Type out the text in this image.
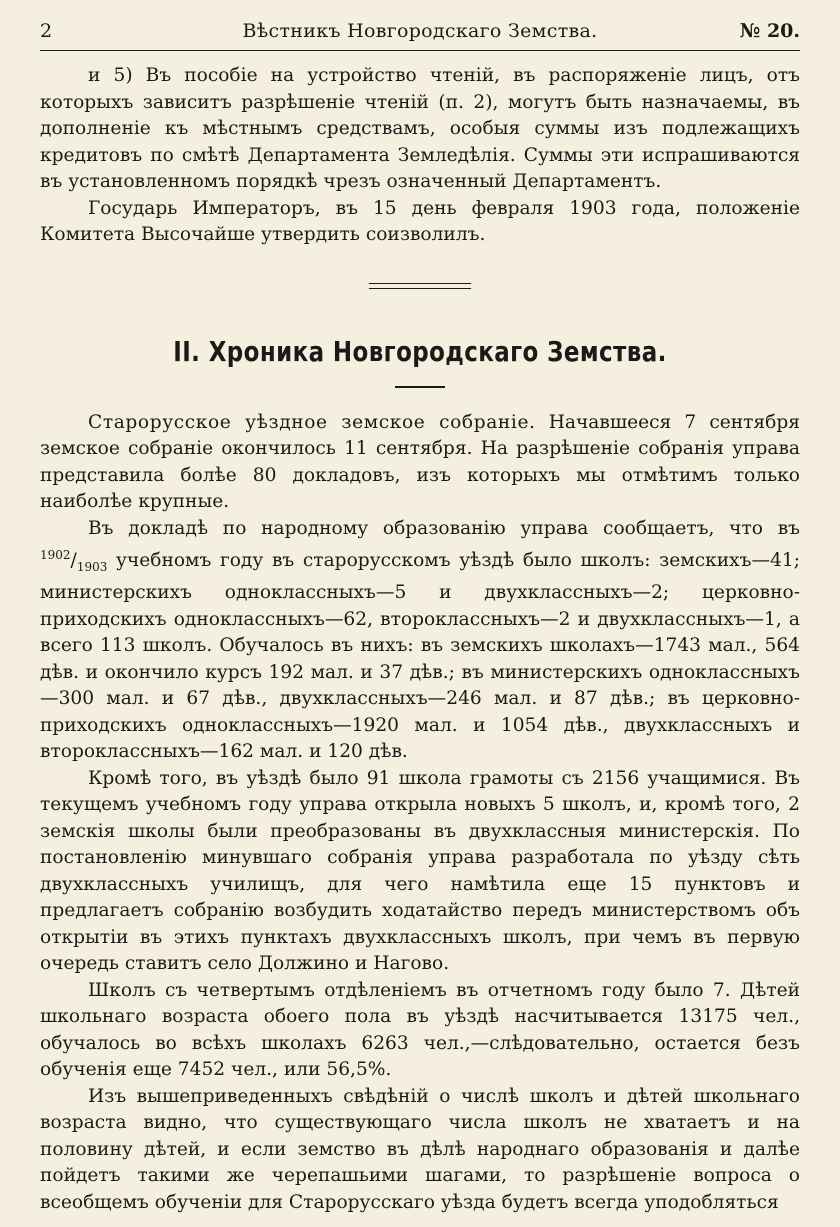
2	Вѣстникъ Новгородскаго Земства.	№ 20.

и 5) Въ пособіе на устройство чтеній, въ распоряженіе лицъ, отъ которыхъ зависитъ разрѣшеніе чтеній (п. 2), могутъ быть назначаемы, въ дополненіе къ мѣстнымъ средствамъ, особыя суммы изъ подлежащихъ кредитовъ по смѣтѣ Департамента Земледѣлія. Суммы эти испрашиваются въ установленномъ порядкѣ чрезъ означенный Департаментъ.

Государь Императоръ, въ 15 день февраля 1903 года, положеніе Комитета Высочайше утвердить соизволилъ.

II. Хроника Новгородскаго Земства.

Старорусское уѣздное земское собраніе. Начавшееся 7 сентября земское собраніе окончилось 11 сентября. На разрѣшеніе собранія управа представила болѣе 80 докладовъ, изъ которыхъ мы отмѣтимъ только наиболѣе крупные.

Въ докладѣ по народному образованію управа сообщаетъ, что въ $^{1902}/_{1903}$ учебномъ году въ старорусскомъ уѣздѣ было школъ: земскихъ—41; министерскихъ одноклассныхъ—5 и двухклассныхъ—2; церковно-приходскихъ одноклассныхъ—62, второклассныхъ—2 и двухклассныхъ—1, а всего 113 школъ. Обучалось въ нихъ: въ земскихъ школахъ—1743 мал., 564 дѣв. и окончило курсъ 192 мал. и 37 дѣв.; въ министерскихъ одноклассныхъ—300 мал. и 67 дѣв., двухклассныхъ—246 мал. и 87 дѣв.; въ церковно-приходскихъ одноклассныхъ—1920 мал. и 1054 дѣв., двухклассныхъ и второклассныхъ—162 мал. и 120 дѣв.

Кромѣ того, въ уѣздѣ было 91 школа грамоты съ 2156 учащимися. Въ текущемъ учебномъ году управа открыла новыхъ 5 школъ, и, кромѣ того, 2 земскія школы были преобразованы въ двухклассныя министерскія. По постановленію минувшаго собранія управа разработала по уѣзду сѣть двухклассныхъ училищъ, для чего намѣтила еще 15 пунктовъ и предлагаетъ собранію возбудить ходатайство передъ министерствомъ объ открытіи въ этихъ пунктахъ двухклассныхъ школъ, при чемъ въ первую очередь ставитъ село Должино и Нагово.

Школъ съ четвертымъ отдѣленіемъ въ отчетномъ году было 7. Дѣтей школьнаго возраста обоего пола въ уѣздѣ насчитывается 13175 чел., обучалось во всѣхъ школахъ 6263 чел.,—слѣдовательно, остается безъ обученія еще 7452 чел., или 56,5%.

Изъ вышеприведенныхъ свѣдѣній о числѣ школъ и дѣтей школьнаго возраста видно, что существующаго числа школъ не хватаетъ и на половину дѣтей, и если земство въ дѣлѣ народнаго образованія и далѣе пойдетъ такими же черепашьими шагами, то разрѣшеніе вопроса о всеобщемъ обученіи для Старорусскаго уѣзда будетъ всегда уподобляться
